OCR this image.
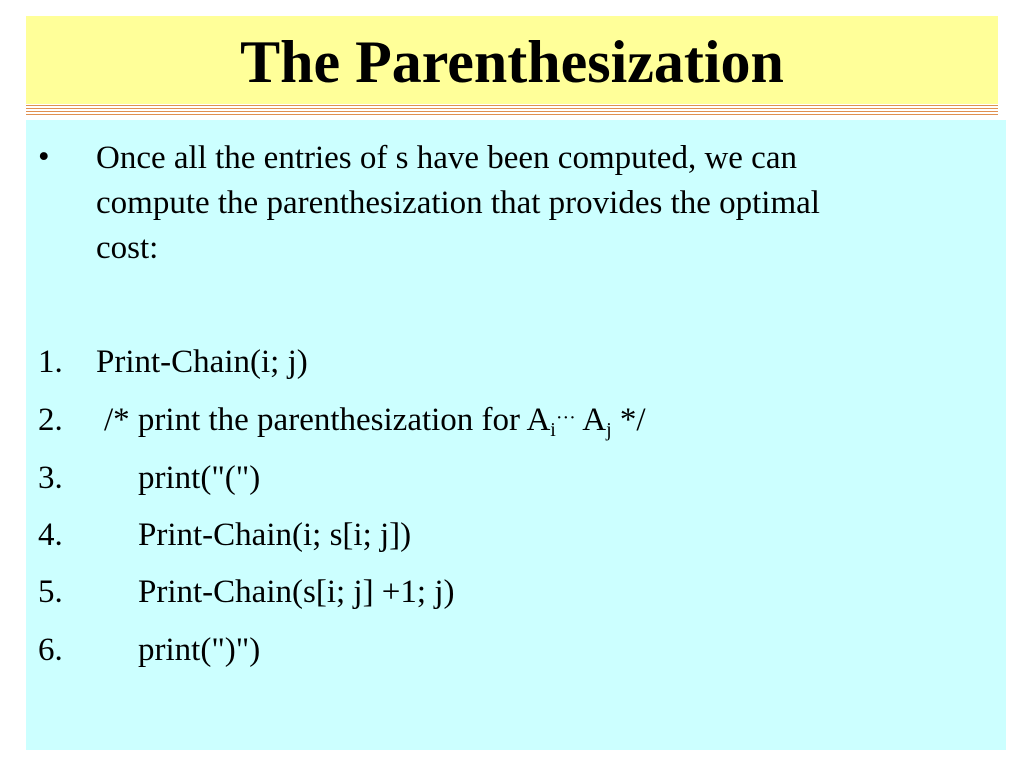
The Parenthesization
• Once all the entries of s have been computed, we can
compute the parenthesization that provides the optimal
cost:
1. Print-Chain(i; j)
2. /* print the parenthesization for $A_i\cdot\cdot\cdot A_j$ */
3. print("(")
4. Print-Chain(i; s[i; j])
5. Print-Chain(s[i; j] +1; j)
6. print(")")
